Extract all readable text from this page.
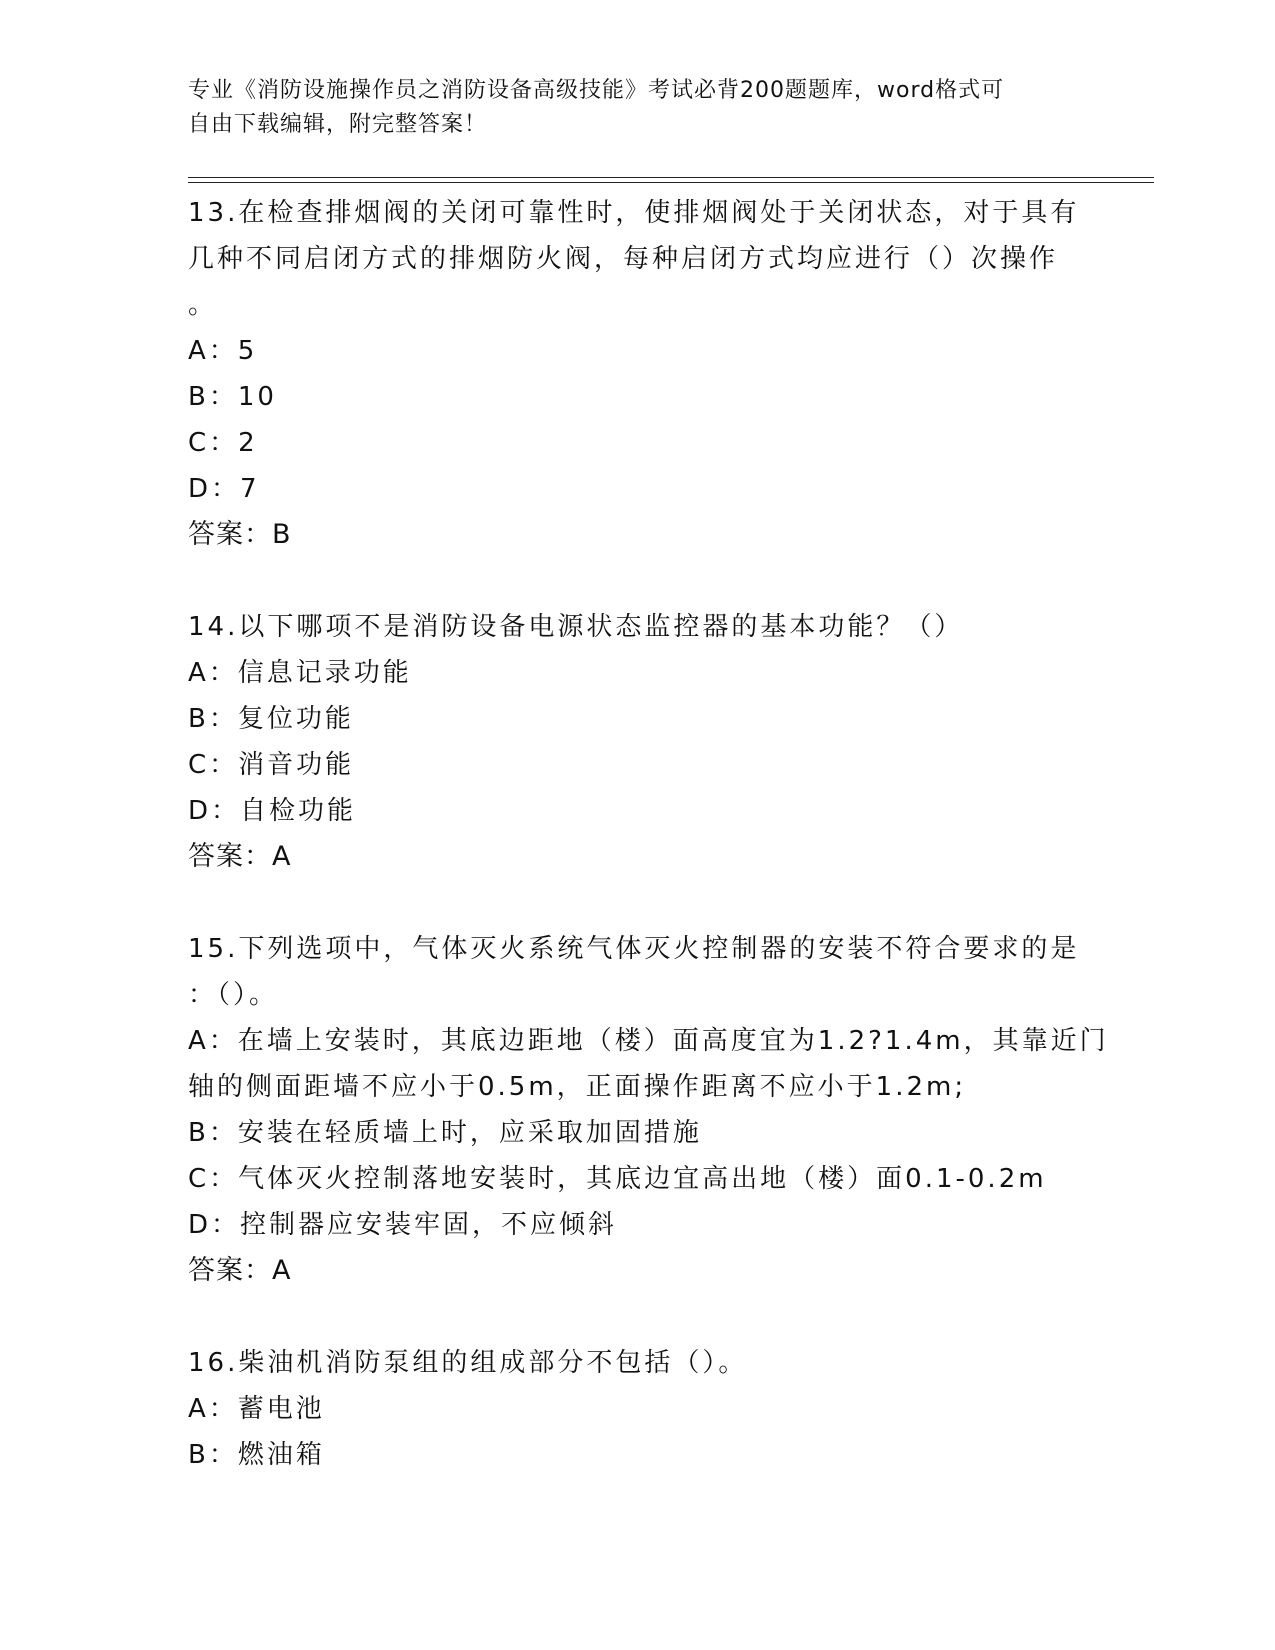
专业《消防设施操作员之消防设备高级技能》考试必背200题题库，word格式可
自由下载编辑，附完整答案！
13.在检查排烟阀的关闭可靠性时，使排烟阀处于关闭状态，对于具有
几种不同启闭方式的排烟防火阀，每种启闭方式均应进行（）次操作
。
A：5
B：10
C：2
D：7
答案：B
14.以下哪项不是消防设备电源状态监控器的基本功能？（）
A：信息记录功能
B：复位功能
C：消音功能
D：自检功能
答案：A
15.下列选项中，气体灭火系统气体灭火控制器的安装不符合要求的是
：（）。
A：在墙上安装时，其底边距地（楼）面高度宜为1.2?1.4m，其靠近门
轴的侧面距墙不应小于0.5m，正面操作距离不应小于1.2m;
B：安装在轻质墙上时，应采取加固措施
C：气体灭火控制落地安装时，其底边宜高出地（楼）面0.1-0.2m
D：控制器应安装牢固，不应倾斜
答案：A
16.柴油机消防泵组的组成部分不包括（）。
A：蓄电池
B：燃油箱
